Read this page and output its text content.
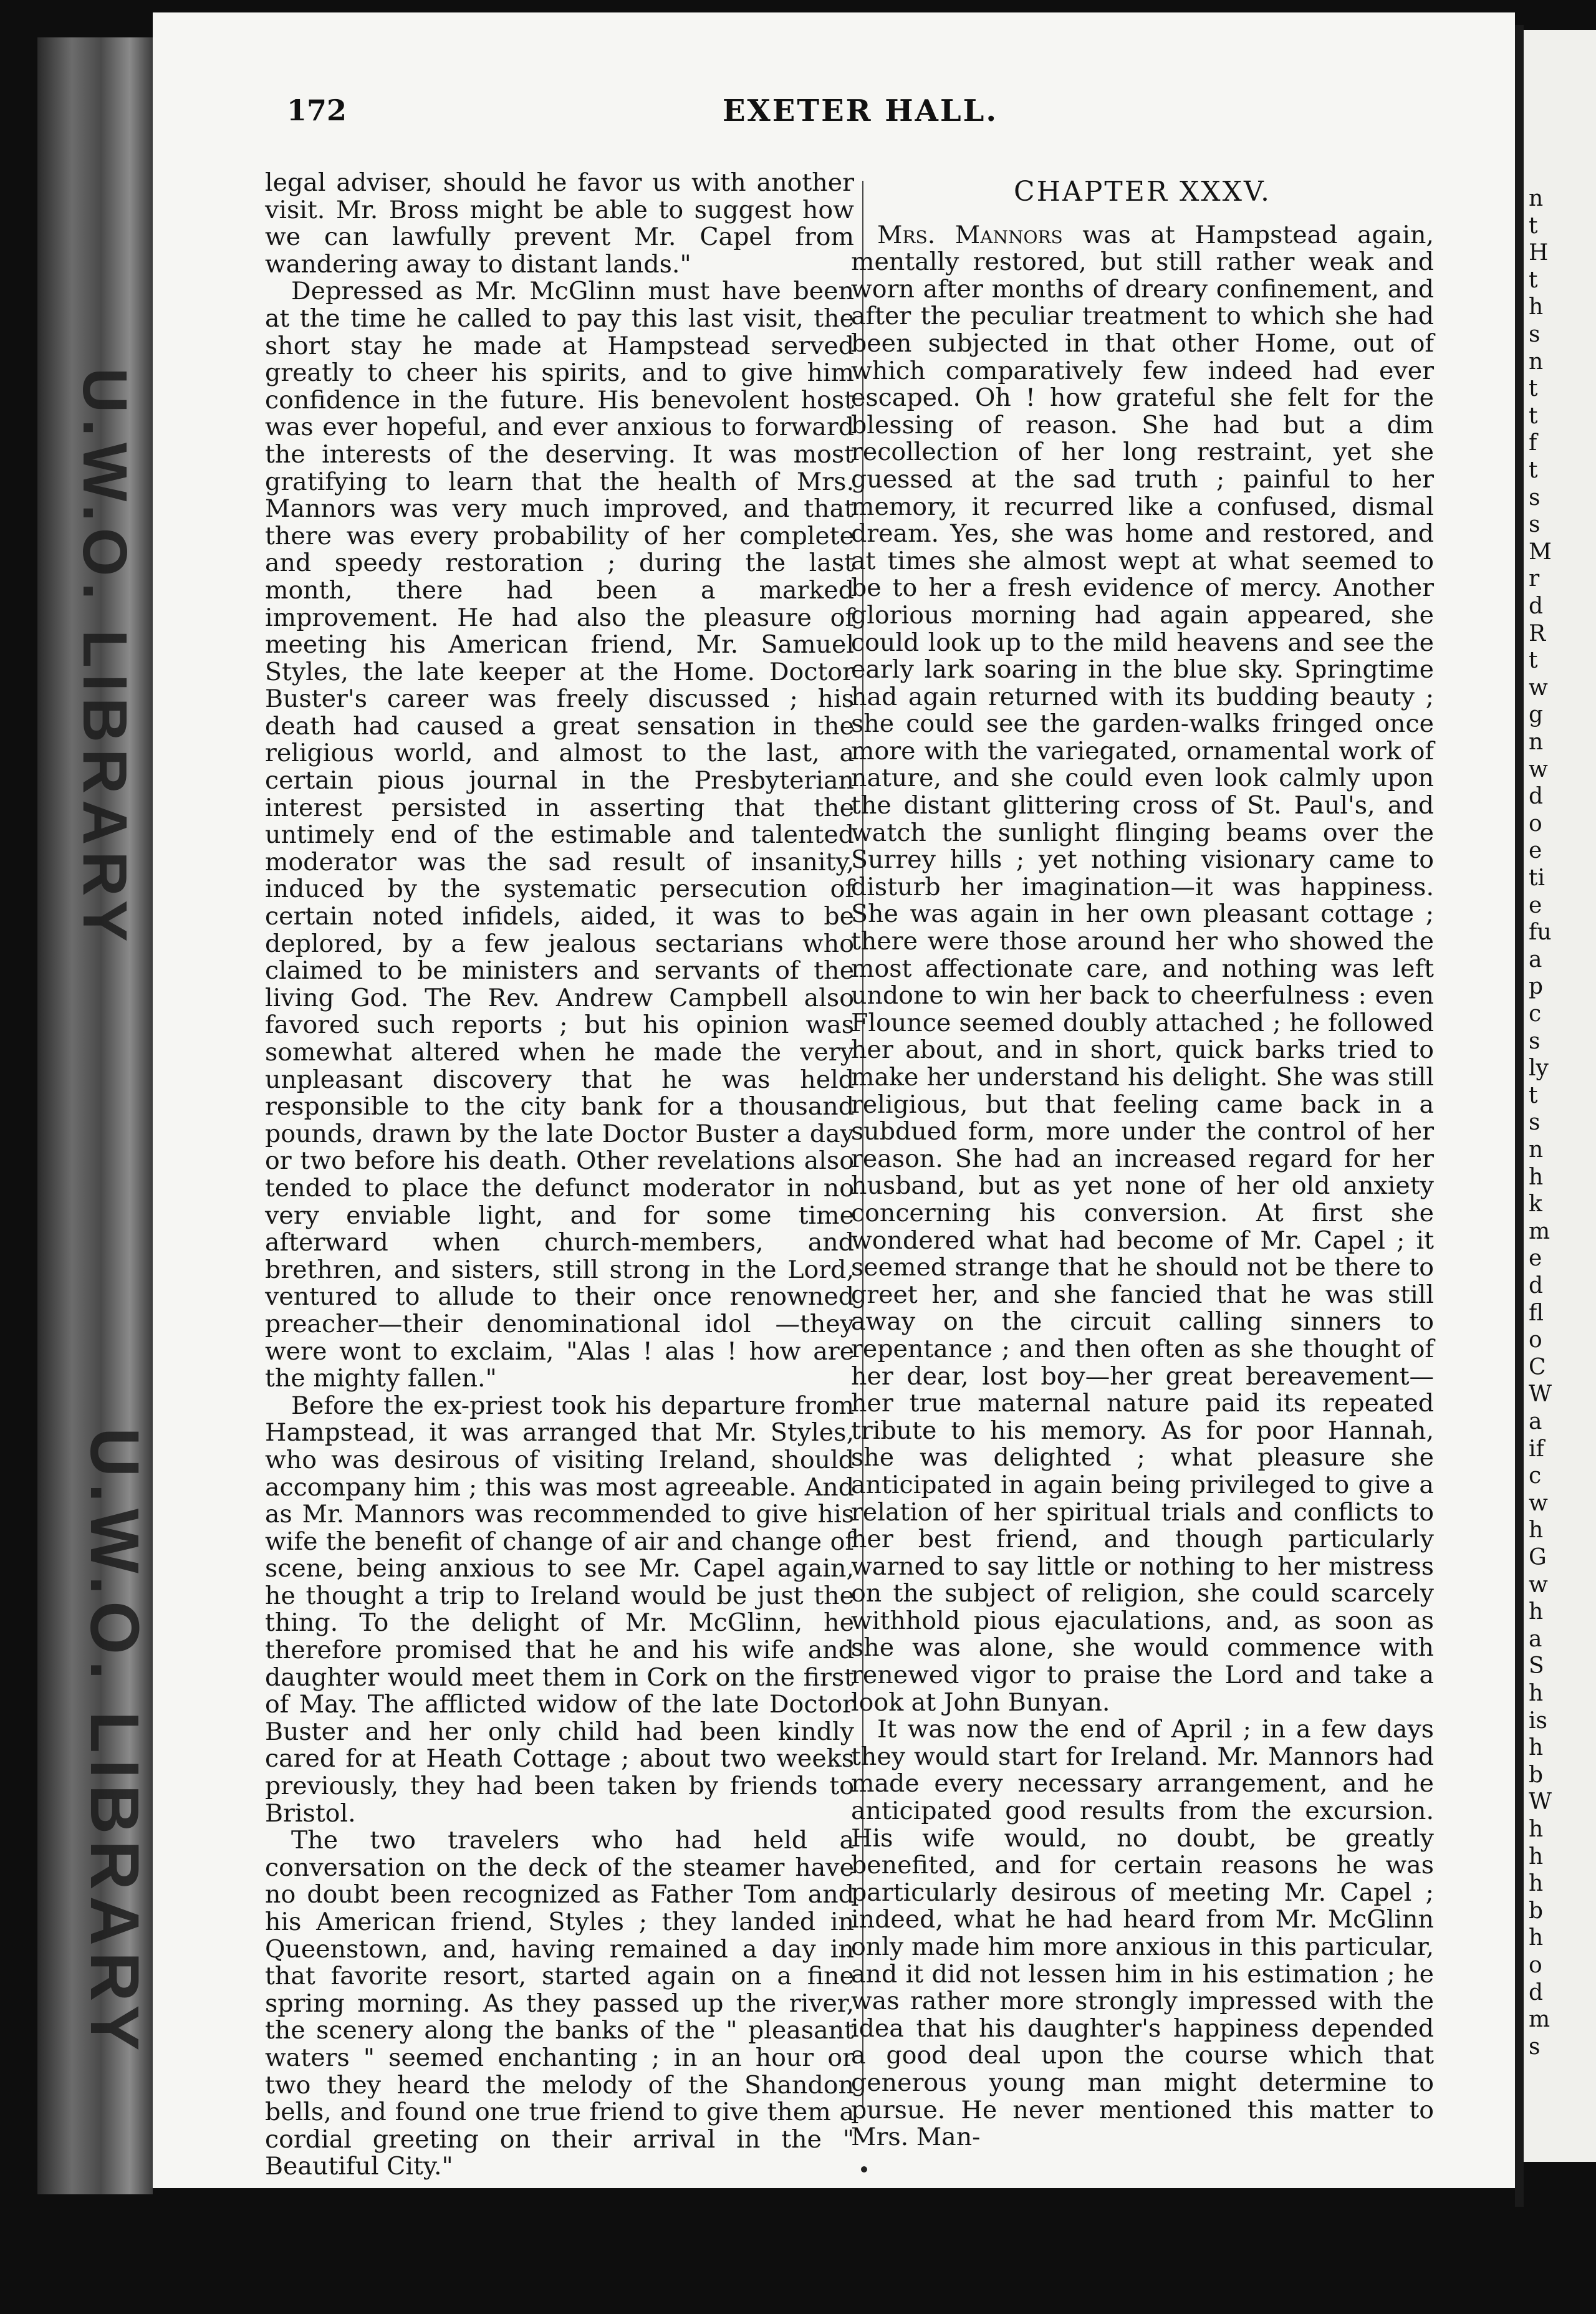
U.W.O. LIBRARY
U.W.O. LIBRARY
n
t
H
t
h
s
n
t
t
f
t
s
s
M
r
d
R
t
w
g
n
w
d
o
e
ti
e
fu
a
p
c
s
ly
t
s
n
h
k
m
e
d
fl
o
C
W
a
if
c
w
h
G
w
h
a
S
h
is
h
b
W
h
h
h
b
h
o
d
m
s
172	EXETER HALL.

legal adviser, should he favor us with another visit. Mr. Bross might be able to suggest how we can lawfully prevent Mr. Capel from wandering away to distant lands."

Depressed as Mr. McGlinn must have been at the time he called to pay this last visit, the short stay he made at Hampstead served greatly to cheer his spirits, and to give him confidence in the future. His benevolent host was ever hopeful, and ever anxious to forward the interests of the deserving. It was most gratifying to learn that the health of Mrs. Mannors was very much improved, and that there was every probability of her complete and speedy restoration ; during the last month, there had been a marked improvement. He had also the pleasure of meeting his American friend, Mr. Samuel Styles, the late keeper at the Home. Doctor Buster's career was freely discussed ; his death had caused a great sensation in the religious world, and almost to the last, a certain pious journal in the Presbyterian interest persisted in asserting that the untimely end of the estimable and talented moderator was the sad result of insanity, induced by the systematic persecution of certain noted infidels, aided, it was to be deplored, by a few jealous sectarians who claimed to be ministers and servants of the living God. The Rev. Andrew Campbell also favored such reports ; but his opinion was somewhat altered when he made the very unpleasant discovery that he was held responsible to the city bank for a thousand pounds, drawn by the late Doctor Buster a day or two before his death. Other revelations also tended to place the defunct moderator in no very enviable light, and for some time afterward when church-members, and brethren, and sisters, still strong in the Lord, ventured to allude to their once renowned preacher—their denominational idol —they were wont to exclaim, "Alas ! alas ! how are the mighty fallen."

Before the ex-priest took his departure from Hampstead, it was arranged that Mr. Styles, who was desirous of visiting Ireland, should accompany him ; this was most agreeable. And as Mr. Mannors was recommended to give his wife the benefit of change of air and change of scene, being anxious to see Mr. Capel again, he thought a trip to Ireland would be just the thing. To the delight of Mr. McGlinn, he therefore promised that he and his wife and daughter would meet them in Cork on the first of May. The afflicted widow of the late Doctor Buster and her only child had been kindly cared for at Heath Cottage ; about two weeks previously, they had been taken by friends to Bristol.

The two travelers who had held a conversation on the deck of the steamer have no doubt been recognized as Father Tom and his American friend, Styles ; they landed in Queenstown, and, having remained a day in that favorite resort, started again on a fine spring morning. As they passed up the river, the scenery along the banks of the " pleasant waters " seemed enchanting ; in an hour or two they heard the melody of the Shandon bells, and found one true friend to give them a cordial greeting on their arrival in the " Beautiful City."

CHAPTER XXXV.

Mrs. Mannors was at Hampstead again, mentally restored, but still rather weak and worn after months of dreary confinement, and after the peculiar treatment to which she had been subjected in that other Home, out of which comparatively few indeed had ever escaped. Oh ! how grateful she felt for the blessing of reason. She had but a dim recollection of her long restraint, yet she guessed at the sad truth ; painful to her memory, it recurred like a confused, dismal dream. Yes, she was home and restored, and at times she almost wept at what seemed to be to her a fresh evidence of mercy. Another glorious morning had again appeared, she could look up to the mild heavens and see the early lark soaring in the blue sky. Springtime had again returned with its budding beauty ; she could see the garden-walks fringed once more with the variegated, ornamental work of nature, and she could even look calmly upon the distant glittering cross of St. Paul's, and watch the sunlight flinging beams over the Surrey hills ; yet nothing visionary came to disturb her imagination—it was happiness. She was again in her own pleasant cottage ; there were those around her who showed the most affectionate care, and nothing was left undone to win her back to cheerfulness : even Flounce seemed doubly attached ; he followed her about, and in short, quick barks tried to make her understand his delight. She was still religious, but that feeling came back in a subdued form, more under the control of her reason. She had an increased regard for her husband, but as yet none of her old anxiety concerning his conversion. At first she wondered what had become of Mr. Capel ; it seemed strange that he should not be there to greet her, and she fancied that he was still away on the circuit calling sinners to repentance ; and then often as she thought of her dear, lost boy—her great bereavement—her true maternal nature paid its repeated tribute to his memory. As for poor Hannah, she was delighted ; what pleasure she anticipated in again being privileged to give a relation of her spiritual trials and conflicts to her best friend, and though particularly warned to say little or nothing to her mistress on the subject of religion, she could scarcely withhold pious ejaculations, and, as soon as she was alone, she would commence with renewed vigor to praise the Lord and take a look at John Bunyan.

It was now the end of April ; in a few days they would start for Ireland. Mr. Mannors had made every necessary arrangement, and he anticipated good results from the excursion. His wife would, no doubt, be greatly benefited, and for certain reasons he was particularly desirous of meeting Mr. Capel ; indeed, what he had heard from Mr. McGlinn only made him more anxious in this particular, and it did not lessen him in his estimation ; he was rather more strongly impressed with the idea that his daughter's happiness depended a good deal upon the course which that generous young man might determine to pursue. He never mentioned this matter to Mrs. Man-
